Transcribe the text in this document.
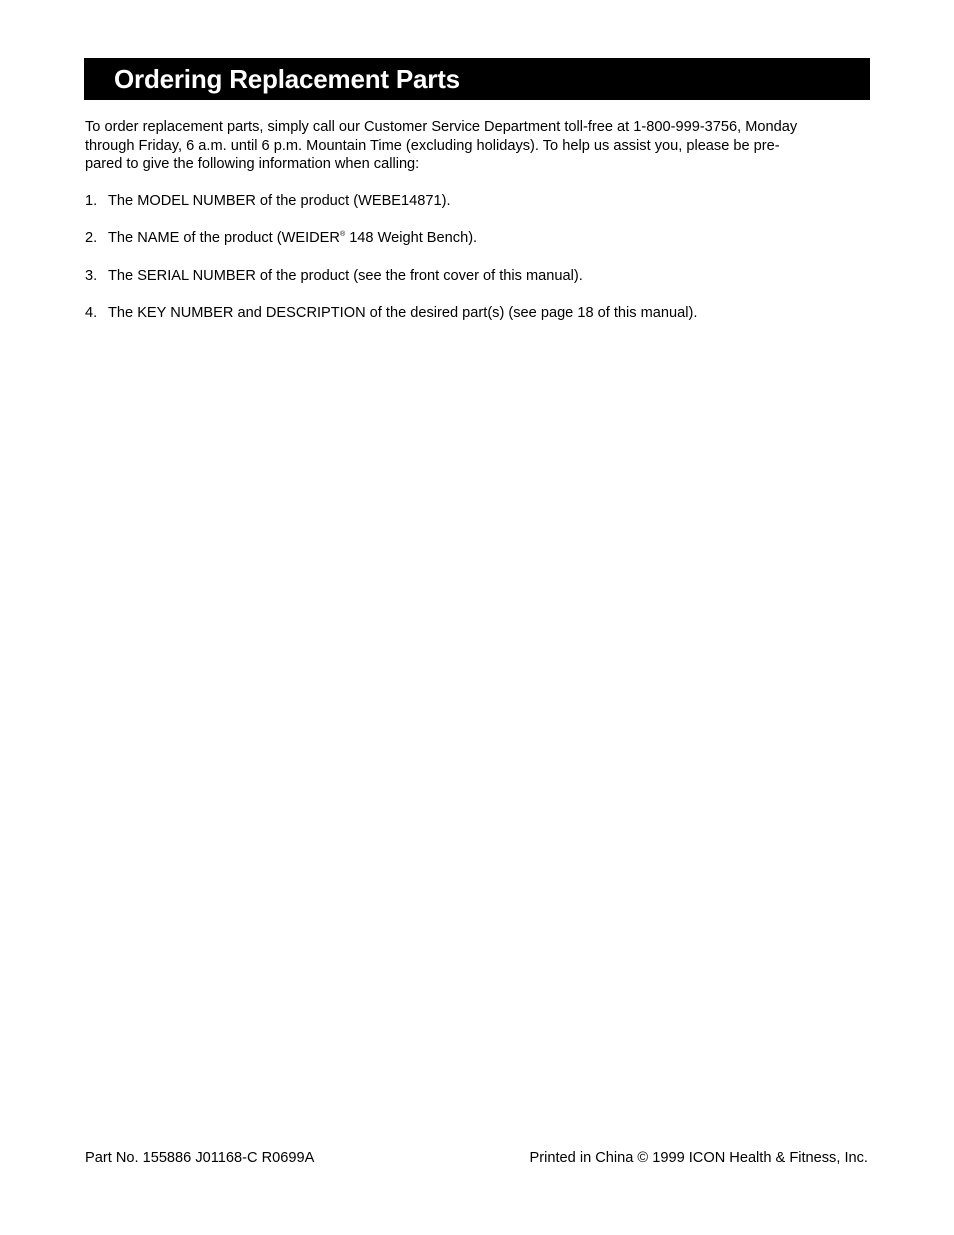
Ordering Replacement Parts

To order replacement parts, simply call our Customer Service Department toll-free at 1-800-999-3756, Monday
through Friday, 6 a.m. until 6 p.m. Mountain Time (excluding holidays). To help us assist you, please be pre-
pared to give the following information when calling:

1. The MODEL NUMBER of the product (WEBE14871).
2. The NAME of the product (WEIDER® 148 Weight Bench).
3. The SERIAL NUMBER of the product (see the front cover of this manual).
4. The KEY NUMBER and DESCRIPTION of the desired part(s) (see page 18 of this manual).
Part No. 155886 J01168-C R0699A	Printed in China © 1999 ICON Health & Fitness, Inc.
